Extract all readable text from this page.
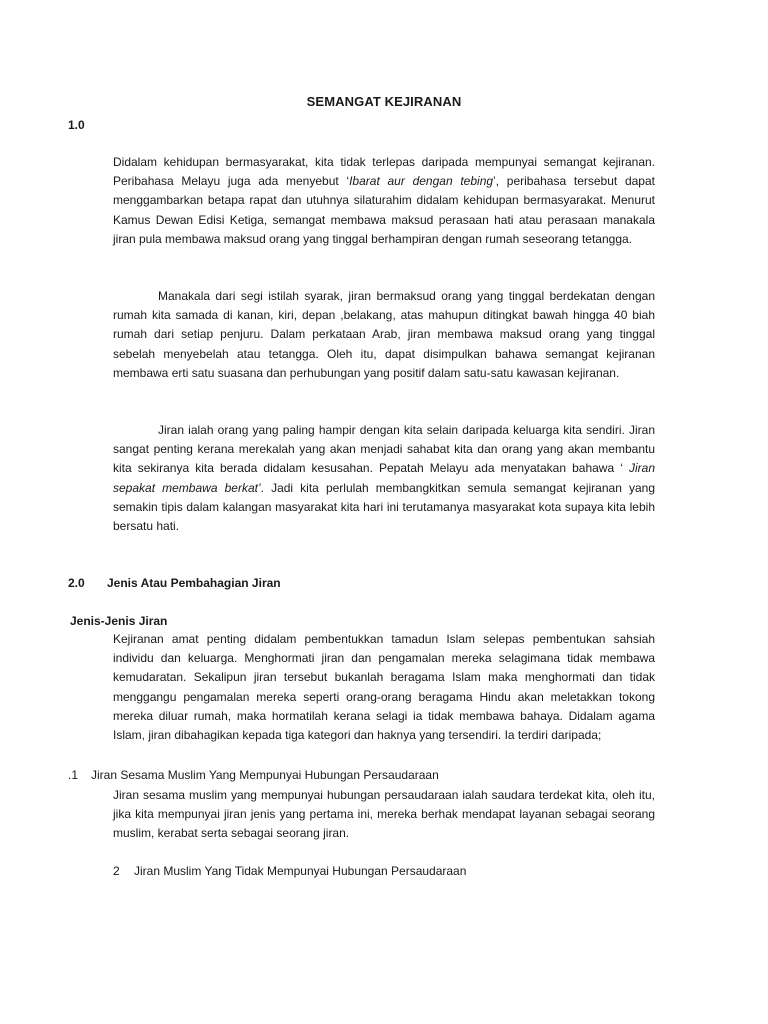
SEMANGAT KEJIRANAN
1.0

Didalam kehidupan bermasyarakat, kita tidak terlepas daripada mempunyai semangat kejiranan. Peribahasa Melayu juga ada menyebut ‘Ibarat aur dengan tebing’, peribahasa tersebut dapat menggambarkan betapa rapat dan utuhnya silaturahim didalam kehidupan bermasyarakat. Menurut Kamus Dewan Edisi Ketiga, semangat membawa maksud perasaan hati atau perasaan manakala jiran pula membawa maksud orang yang tinggal berhampiran dengan rumah seseorang tetangga.

Manakala dari segi istilah syarak, jiran bermaksud orang yang tinggal berdekatan dengan rumah kita samada di kanan, kiri, depan ,belakang, atas mahupun ditingkat bawah hingga 40 biah rumah dari setiap penjuru. Dalam perkataan Arab, jiran membawa maksud orang yang tinggal sebelah menyebelah atau tetangga. Oleh itu, dapat disimpulkan bahawa semangat kejiranan membawa erti satu suasana dan perhubungan yang positif dalam satu-satu kawasan kejiranan.

Jiran ialah orang yang paling hampir dengan kita selain daripada keluarga kita sendiri. Jiran sangat penting kerana merekalah yang akan menjadi sahabat kita dan orang yang akan membantu kita sekiranya kita berada didalam kesusahan. Pepatah Melayu ada menyatakan bahawa ‘ Jiran sepakat membawa berkat’. Jadi kita perlulah membangkitkan semula semangat kejiranan yang semakin tipis dalam kalangan masyarakat kita hari ini terutamanya masyarakat kota supaya kita lebih bersatu hati.

2.0 Jenis Atau Pembahagian Jiran
Jenis-Jenis Jiran

Kejiranan amat penting didalam pembentukkan tamadun Islam selepas pembentukan sahsiah individu dan keluarga. Menghormati jiran dan pengamalan mereka selagimana tidak membawa kemudaratan. Sekalipun jiran tersebut bukanlah beragama Islam maka menghormati dan tidak menggangu pengamalan mereka seperti orang-orang beragama Hindu akan meletakkan tokong mereka diluar rumah, maka hormatilah kerana selagi ia tidak membawa bahaya. Didalam agama Islam, jiran dibahagikan kepada tiga kategori dan haknya yang tersendiri. Ia terdiri daripada;

.1 Jiran Sesama Muslim Yang Mempunyai Hubungan Persaudaraan

Jiran sesama muslim yang mempunyai hubungan persaudaraan ialah saudara terdekat kita, oleh itu, jika kita mempunyai jiran jenis yang pertama ini, mereka berhak mendapat layanan sebagai seorang muslim, kerabat serta sebagai seorang jiran.

2 Jiran Muslim Yang Tidak Mempunyai Hubungan Persaudaraan
